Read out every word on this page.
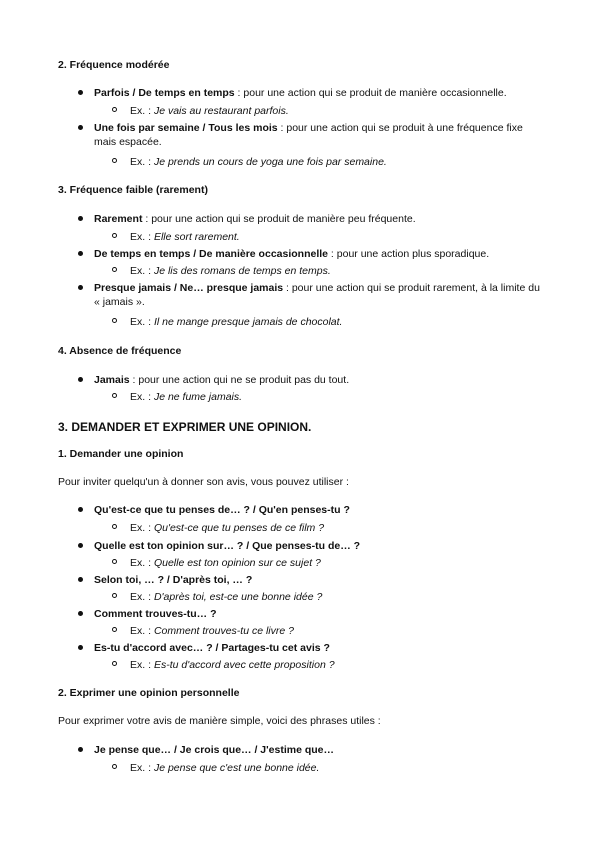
2. Fréquence modérée
Parfois / De temps en temps : pour une action qui se produit de manière occasionnelle.
Ex. : Je vais au restaurant parfois.
Une fois par semaine / Tous les mois : pour une action qui se produit à une fréquence fixe mais espacée.
Ex. : Je prends un cours de yoga une fois par semaine.
3. Fréquence faible (rarement)
Rarement : pour une action qui se produit de manière peu fréquente.
Ex. : Elle sort rarement.
De temps en temps / De manière occasionnelle : pour une action plus sporadique.
Ex. : Je lis des romans de temps en temps.
Presque jamais / Ne… presque jamais : pour une action qui se produit rarement, à la limite du « jamais ».
Ex. : Il ne mange presque jamais de chocolat.
4. Absence de fréquence
Jamais : pour une action qui ne se produit pas du tout.
Ex. : Je ne fume jamais.
3. DEMANDER ET EXPRIMER UNE OPINION.
1. Demander une opinion
Pour inviter quelqu'un à donner son avis, vous pouvez utiliser :
Qu'est-ce que tu penses de… ? / Qu'en penses-tu ?
Ex. : Qu'est-ce que tu penses de ce film ?
Quelle est ton opinion sur… ? / Que penses-tu de… ?
Ex. : Quelle est ton opinion sur ce sujet ?
Selon toi, … ? / D'après toi, … ?
Ex. : D'après toi, est-ce une bonne idée ?
Comment trouves-tu… ?
Ex. : Comment trouves-tu ce livre ?
Es-tu d'accord avec… ? / Partages-tu cet avis ?
Ex. : Es-tu d'accord avec cette proposition ?
2. Exprimer une opinion personnelle
Pour exprimer votre avis de manière simple, voici des phrases utiles :
Je pense que… / Je crois que… / J'estime que…
Ex. : Je pense que c'est une bonne idée.
